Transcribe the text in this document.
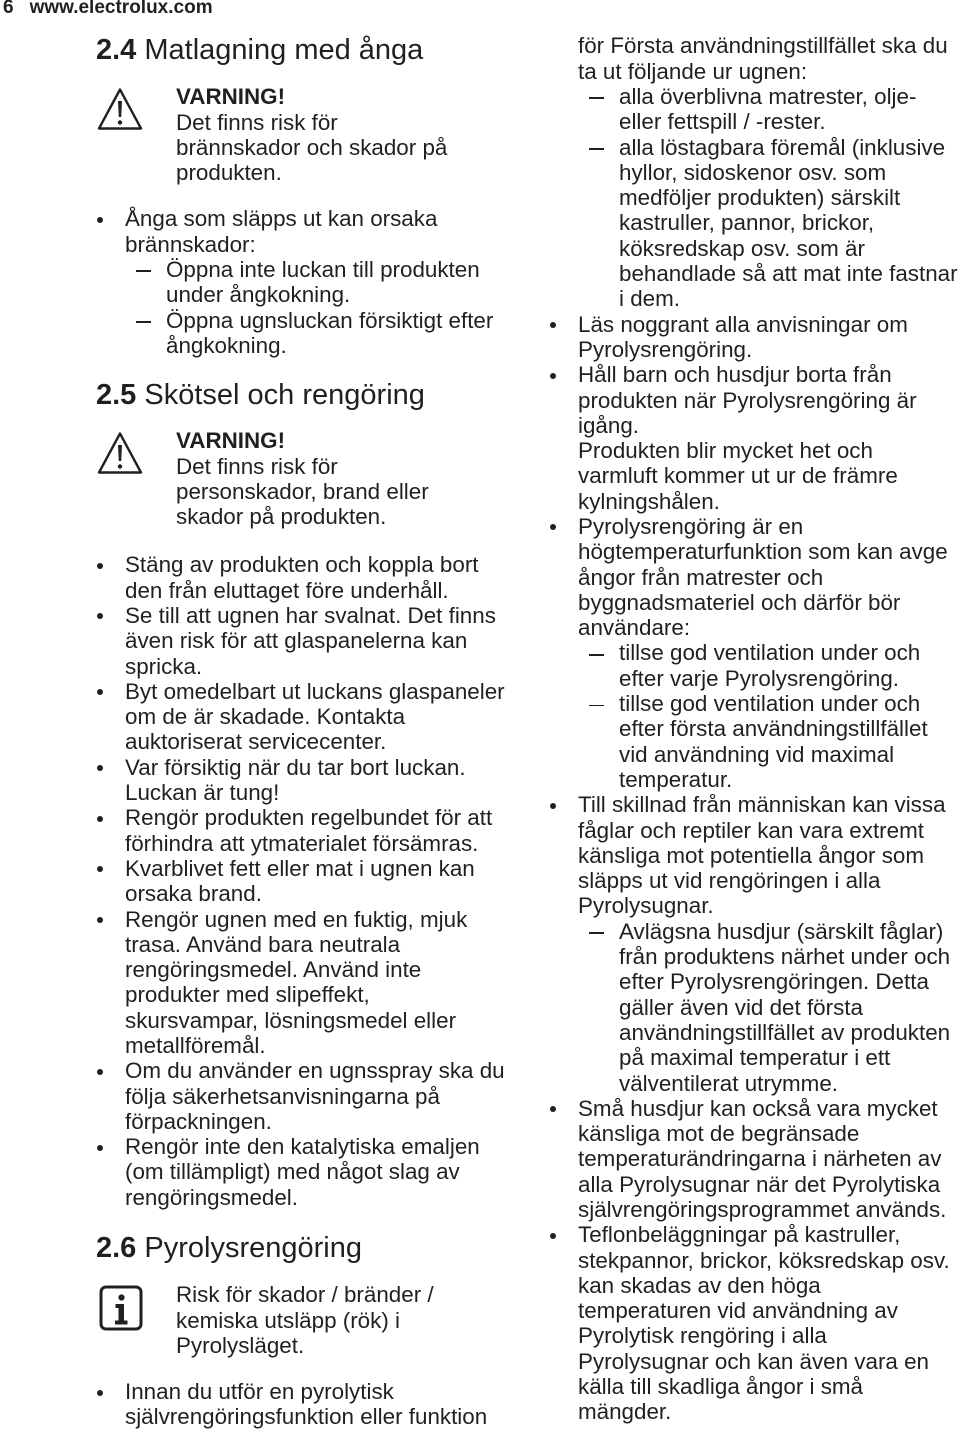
6 www.electrolux.com
2.4 Matlagning med ånga
VARNING!
Det finns risk för
brännskador och skador på
produkten.
Ånga som släpps ut kan orsaka
brännskador:
Öppna inte luckan till produkten
under ångkokning.
Öppna ugnsluckan försiktigt efter
ångkokning.
2.5 Skötsel och rengöring
VARNING!
Det finns risk för
personskador, brand eller
skador på produkten.
Stäng av produkten och koppla bort
den från eluttaget före underhåll.
Se till att ugnen har svalnat. Det finns
även risk för att glaspanelerna kan
spricka.
Byt omedelbart ut luckans glaspaneler
om de är skadade. Kontakta
auktoriserat servicecenter.
Var försiktig när du tar bort luckan.
Luckan är tung!
Rengör produkten regelbundet för att
förhindra att ytmaterialet försämras.
Kvarblivet fett eller mat i ugnen kan
orsaka brand.
Rengör ugnen med en fuktig, mjuk
trasa. Använd bara neutrala
rengöringsmedel. Använd inte
produkter med slipeffekt,
skursvampar, lösningsmedel eller
metallföremål.
Om du använder en ugnsspray ska du
följa säkerhetsanvisningarna på
förpackningen.
Rengör inte den katalytiska emaljen
(om tillämpligt) med något slag av
rengöringsmedel.
2.6 Pyrolysrengöring
Risk för skador / bränder /
kemiska utsläpp (rök) i
Pyrolysläget.
Innan du utför en pyrolytisk
självrengöringsfunktion eller funktion
för Första användningstillfället ska du
ta ut följande ur ugnen:
alla överblivna matrester, olje-
eller fettspill / -rester.
alla löstagbara föremål (inklusive
hyllor, sidoskenor osv. som
medföljer produkten) särskilt
kastruller, pannor, brickor,
köksredskap osv. som är
behandlade så att mat inte fastnar
i dem.
Läs noggrant alla anvisningar om
Pyrolysrengöring.
Håll barn och husdjur borta från
produkten när Pyrolysrengöring är
igång.
Produkten blir mycket het och
varmluft kommer ut ur de främre
kylningshålen.
Pyrolysrengöring är en
högtemperaturfunktion som kan avge
ångor från matrester och
byggnadsmateriel och därför bör
användare:
tillse god ventilation under och
efter varje Pyrolysrengöring.
tillse god ventilation under och
efter första användningstillfället
vid användning vid maximal
temperatur.
Till skillnad från människan kan vissa
fåglar och reptiler kan vara extremt
känsliga mot potentiella ångor som
släpps ut vid rengöringen i alla
Pyrolysugnar.
Avlägsna husdjur (särskilt fåglar)
från produktens närhet under och
efter Pyrolysrengöringen. Detta
gäller även vid det första
användningstillfället av produkten
på maximal temperatur i ett
välventilerat utrymme.
Små husdjur kan också vara mycket
känsliga mot de begränsade
temperaturändringarna i närheten av
alla Pyrolysugnar när det Pyrolytiska
självrengöringsprogrammet används.
Teflonbeläggningar på kastruller,
stekpannor, brickor, köksredskap osv.
kan skadas av den höga
temperaturen vid användning av
Pyrolytisk rengöring i alla
Pyrolysugnar och kan även vara en
källa till skadliga ångor i små
mängder.
